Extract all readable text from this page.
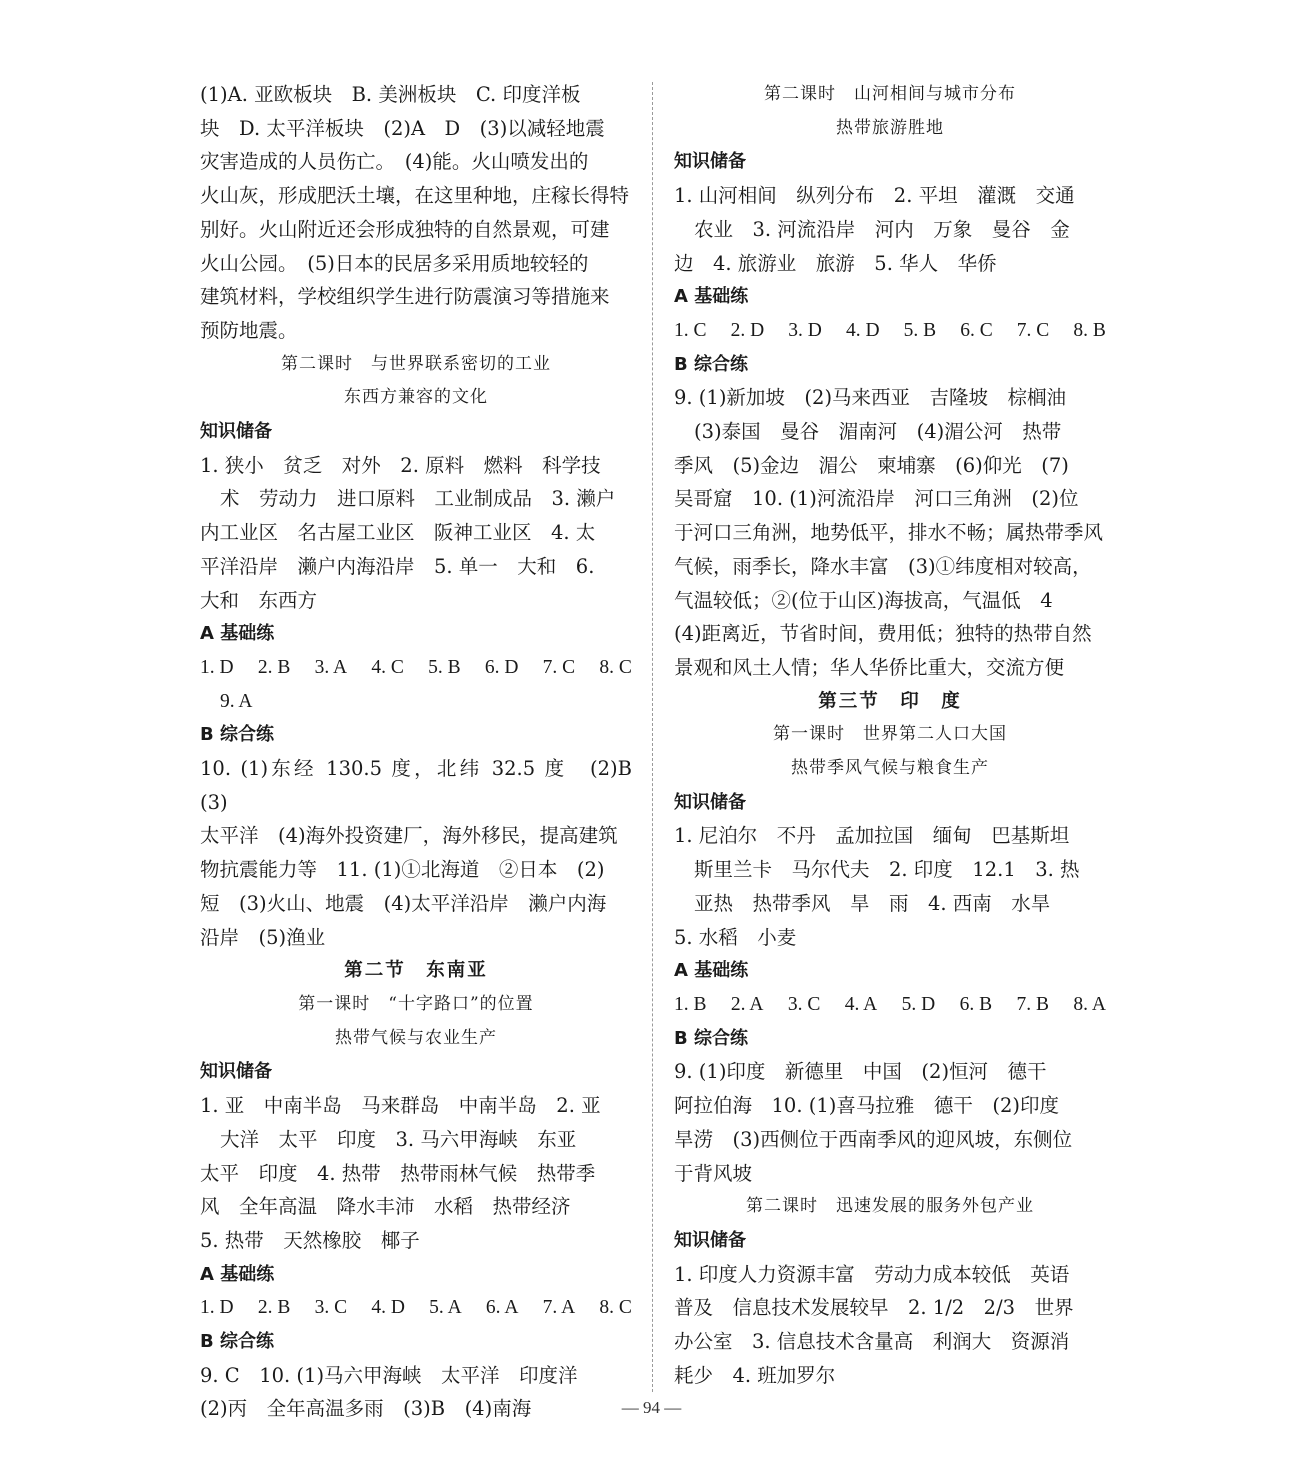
(1)A. 亚欧板块　B. 美洲板块　C. 印度洋板

块　D. 太平洋板块　(2)A　D　(3)以减轻地震

灾害造成的人员伤亡。　(4)能。火山喷发出的

火山灰，形成肥沃土壤，在这里种地，庄稼长得特

别好。火山附近还会形成独特的自然景观，可建

火山公园。　(5)日本的民居多采用质地较轻的

建筑材料，学校组织学生进行防震演习等措施来

预防地震。

第二课时　与世界联系密切的工业

东西方兼容的文化

知识储备

1. 狭小　贫乏　对外　2. 原料　燃料　科学技

术　劳动力　进口原料　工业制成品　3. 濑户

内工业区　名古屋工业区　阪神工业区　4. 太

平洋沿岸　濑户内海沿岸　5. 单一　大和　6.

大和　东西方

A 基础练

1. D 2. B 3. A 4. C 5. B 6. D 7. C 8. C
9. A

B 综合练

10. (1)东经 130.5 度，北纬 32.5 度　(2)B　(3)

太平洋　(4)海外投资建厂，海外移民，提高建筑

物抗震能力等　11. (1)①北海道　②日本　(2)

短　(3)火山、地震　(4)太平洋沿岸　濑户内海

沿岸　(5)渔业

第二节　东南亚

第一课时　“十字路口”的位置

热带气候与农业生产

知识储备

1. 亚　中南半岛　马来群岛　中南半岛　2. 亚

大洋　太平　印度　3. 马六甲海峡　东亚

太平　印度　4. 热带　热带雨林气候　热带季

风　全年高温　降水丰沛　水稻　热带经济

5. 热带　天然橡胶　椰子

A 基础练

1. D 2. B 3. C 4. D 5. A 6. A 7. A 8. C

B 综合练

9. C　10. (1)马六甲海峡　太平洋　印度洋

(2)丙　全年高温多雨　(3)B　(4)南海

第二课时　山河相间与城市分布

热带旅游胜地

知识储备

1. 山河相间　纵列分布　2. 平坦　灌溉　交通

农业　3. 河流沿岸　河内　万象　曼谷　金

边　4. 旅游业　旅游　5. 华人　华侨

A 基础练

1. C 2. D 3. D 4. D 5. B 6. C 7. C 8. B

B 综合练

9. (1)新加坡　(2)马来西亚　吉隆坡　棕榈油

(3)泰国　曼谷　湄南河　(4)湄公河　热带

季风　(5)金边　湄公　柬埔寨　(6)仰光　(7)

吴哥窟　10. (1)河流沿岸　河口三角洲　(2)位

于河口三角洲，地势低平，排水不畅；属热带季风

气候，雨季长，降水丰富　(3)①纬度相对较高，

气温较低；②(位于山区)海拔高，气温低　4

(4)距离近，节省时间，费用低；独特的热带自然

景观和风土人情；华人华侨比重大，交流方便

第三节　印　度

第一课时　世界第二人口大国

热带季风气候与粮食生产

知识储备

1. 尼泊尔　不丹　孟加拉国　缅甸　巴基斯坦

斯里兰卡　马尔代夫　2. 印度　12.1　3. 热

亚热　热带季风　旱　雨　4. 西南　水旱

5. 水稻　小麦

A 基础练

1. B 2. A 3. C 4. A 5. D 6. B 7. B 8. A

B 综合练

9. (1)印度　新德里　中国　(2)恒河　德干

阿拉伯海　10. (1)喜马拉雅　德干　(2)印度

旱涝　(3)西侧位于西南季风的迎风坡，东侧位

于背风坡

第二课时　迅速发展的服务外包产业

知识储备

1. 印度人力资源丰富　劳动力成本较低　英语

普及　信息技术发展较早　2. 1/2　2/3　世界

办公室　3. 信息技术含量高　利润大　资源消

耗少　4. 班加罗尔

— 94 —
